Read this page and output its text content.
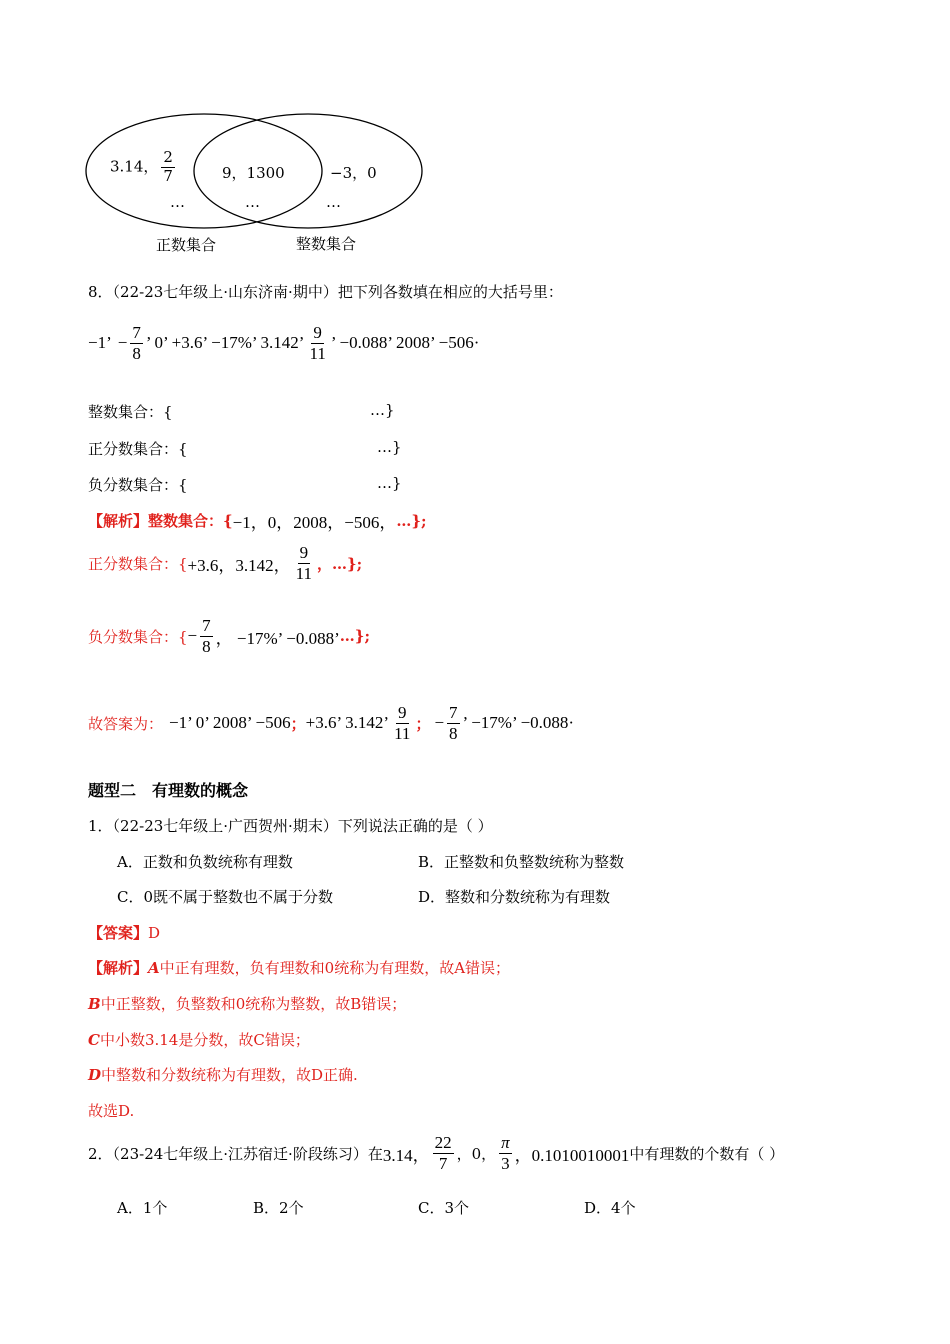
3.14， $\frac{2}{7}$	9，1300	−3，0
…	…	…
正数集合	整数集合
8．（22-23七年级上·山东济南·期中）把下列各数填在相应的大括号里：
−1’ − $\frac{7}{8}$ ’ 0’ +3.6’ −17%’ 3.142’ $\frac{9}{11}$ ’ −0.088’ 2008’ −506·
整数集合：{	…}
正分数集合：{	…}
负分数集合：{	…}
【解析】 整数集合：{ −1，0，2008，−506， …};
正分数集合：{ +3.6，3.142， $\frac{9}{11}$ ，…};
负分数集合：{ − $\frac{7}{8}$ ， −17%’ −0.088’ …};
故答案为： −1’ 0’ 2008’ −506 ； +3.6’ 3.142’ $\frac{9}{11}$ ； − $\frac{7}{8}$ ’ −17%’ −0.088·
题型二　有理数的概念
1．（22-23七年级上·广西贺州·期末）下列说法正确的是（ ）
A．正数和负数统称有理数	B．正整数和负整数统称为整数
C．0既不属于整数也不属于分数	D．整数和分数统称为有理数
【答案】D
【解析】A中正有理数，负有理数和0统称为有理数，故A错误；
B中正整数，负整数和0统称为整数，故B错误；
C中小数3.14是分数，故C错误；
D中整数和分数统称为有理数，故D正确.
故选D.
2．（23-24七年级上·江苏宿迁·阶段练习）在 3.14， $\frac{22}{7}$ ，0， $\frac{\pi}{3}$ ，0.1010010001 中有理数的个数有（ ）
A．1个	B．2个	C．3个	D．4个
